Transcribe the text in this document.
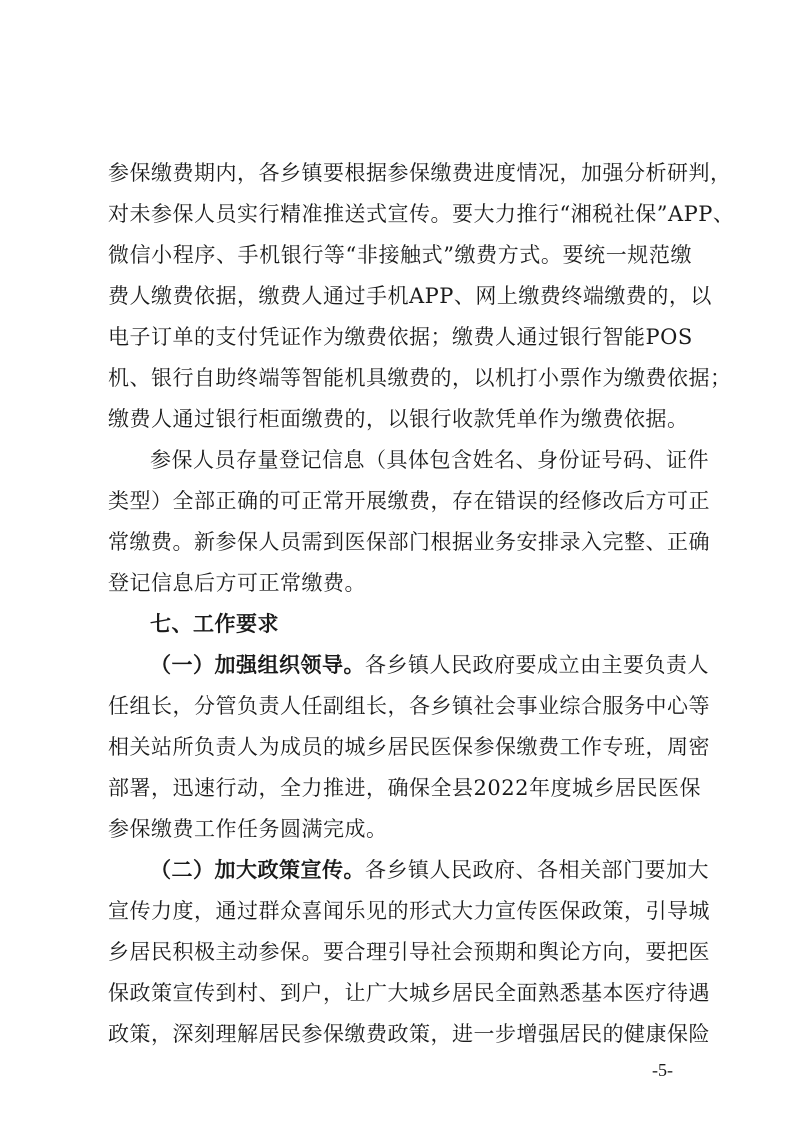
参保缴费期内，各乡镇要根据参保缴费进度情况，加强分析研判，
对未参保人员实行精准推送式宣传。要大力推行“湘税社保”APP、
微信小程序、手机银行等“非接触式”缴费方式。要统一规范缴
费人缴费依据，缴费人通过手机APP、网上缴费终端缴费的，以
电子订单的支付凭证作为缴费依据；缴费人通过银行智能POS
机、银行自助终端等智能机具缴费的，以机打小票作为缴费依据；
缴费人通过银行柜面缴费的，以银行收款凭单作为缴费依据。
参保人员存量登记信息（具体包含姓名、身份证号码、证件
类型）全部正确的可正常开展缴费，存在错误的经修改后方可正
常缴费。新参保人员需到医保部门根据业务安排录入完整、正确
登记信息后方可正常缴费。
七、工作要求
（一）加强组织领导。各乡镇人民政府要成立由主要负责人
任组长，分管负责人任副组长，各乡镇社会事业综合服务中心等
相关站所负责人为成员的城乡居民医保参保缴费工作专班，周密
部署，迅速行动，全力推进，确保全县2022年度城乡居民医保
参保缴费工作任务圆满完成。
（二）加大政策宣传。各乡镇人民政府、各相关部门要加大
宣传力度，通过群众喜闻乐见的形式大力宣传医保政策，引导城
乡居民积极主动参保。要合理引导社会预期和舆论方向，要把医
保政策宣传到村、到户，让广大城乡居民全面熟悉基本医疗待遇
政策，深刻理解居民参保缴费政策，进一步增强居民的健康保险
-5-
